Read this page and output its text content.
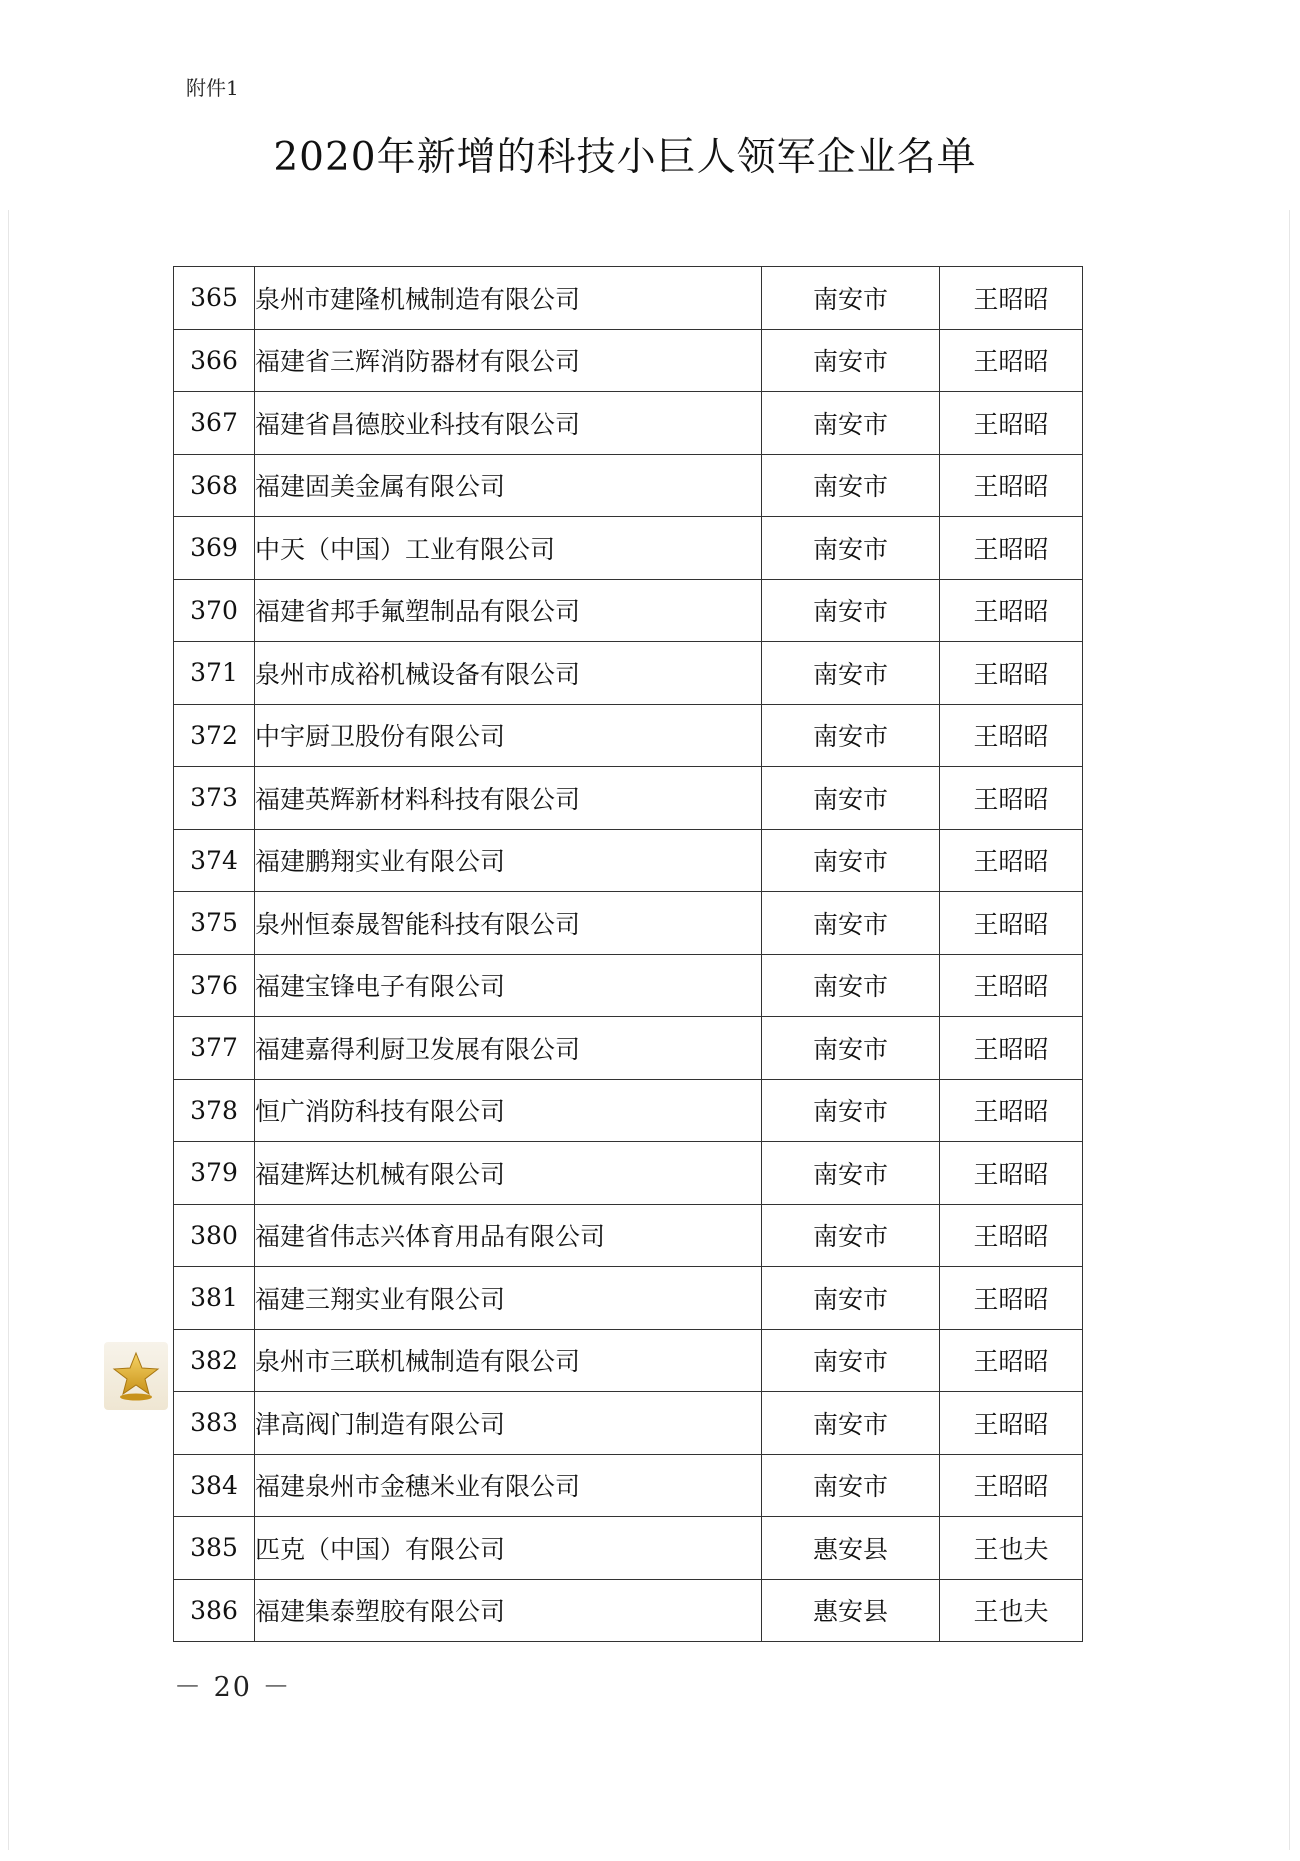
附件1
2020年新增的科技小巨人领军企业名单
365	泉州市建隆机械制造有限公司	南安市	王昭昭
366	福建省三辉消防器材有限公司	南安市	王昭昭
367	福建省昌德胶业科技有限公司	南安市	王昭昭
368	福建固美金属有限公司	南安市	王昭昭
369	中天（中国）工业有限公司	南安市	王昭昭
370	福建省邦手氟塑制品有限公司	南安市	王昭昭
371	泉州市成裕机械设备有限公司	南安市	王昭昭
372	中宇厨卫股份有限公司	南安市	王昭昭
373	福建英辉新材料科技有限公司	南安市	王昭昭
374	福建鹏翔实业有限公司	南安市	王昭昭
375	泉州恒泰晟智能科技有限公司	南安市	王昭昭
376	福建宝锋电子有限公司	南安市	王昭昭
377	福建嘉得利厨卫发展有限公司	南安市	王昭昭
378	恒广消防科技有限公司	南安市	王昭昭
379	福建辉达机械有限公司	南安市	王昭昭
380	福建省伟志兴体育用品有限公司	南安市	王昭昭
381	福建三翔实业有限公司	南安市	王昭昭
382	泉州市三联机械制造有限公司	南安市	王昭昭
383	津高阀门制造有限公司	南安市	王昭昭
384	福建泉州市金穗米业有限公司	南安市	王昭昭
385	匹克（中国）有限公司	惠安县	王也夫
386	福建集泰塑胶有限公司	惠安县	王也夫
－ 20 －
